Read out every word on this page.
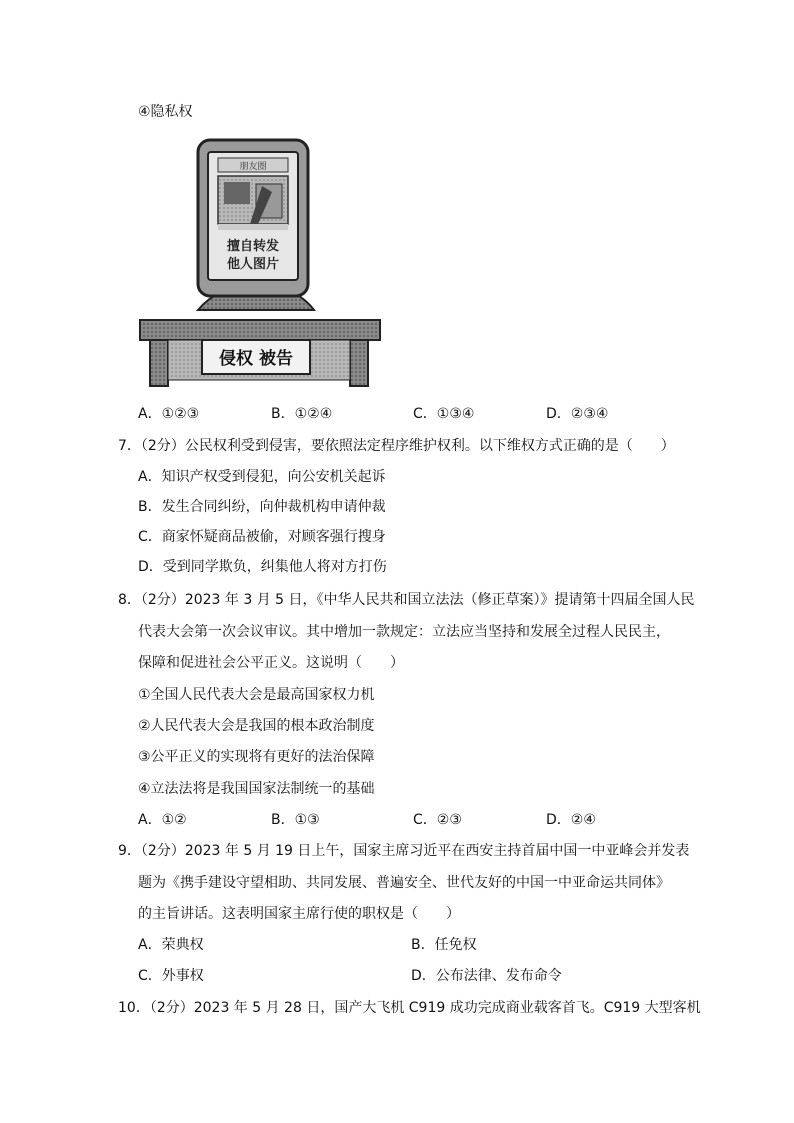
④隐私权
朋友圈
擅自转发
他人图片
侵权 被告
A．①②③	B．①②④	C．①③④	D．②③④
7．（2分）公民权利受到侵害，要依照法定程序维护权利。以下维权方式正确的是（　　）
A．知识产权受到侵犯，向公安机关起诉
B．发生合同纠纷，向仲裁机构申请仲裁
C．商家怀疑商品被偷，对顾客强行搜身
D．受到同学欺负，纠集他人将对方打伤
8．（2分）2023 年 3 月 5 日，《中华人民共和国立法法（修正草案）》提请第十四届全国人民
代表大会第一次会议审议。其中增加一款规定：立法应当坚持和发展全过程人民民主，
保障和促进社会公平正义。这说明（　　）
①全国人民代表大会是最高国家权力机
②人民代表大会是我国的根本政治制度
③公平正义的实现将有更好的法治保障
④立法法将是我国国家法制统一的基础
A．①②	B．①③	C．②③	D．②④
9．（2分）2023 年 5 月 19 日上午，国家主席习近平在西安主持首届中国一中亚峰会并发表
题为《携手建设守望相助、共同发展、普遍安全、世代友好的中国一中亚命运共同体》
的主旨讲话。这表明国家主席行使的职权是（　　）
A．荣典权	B．任免权
C．外事权	D．公布法律、发布命令
10．（2分）2023 年 5 月 28 日，国产大飞机 C919 成功完成商业载客首飞。C919 大型客机
